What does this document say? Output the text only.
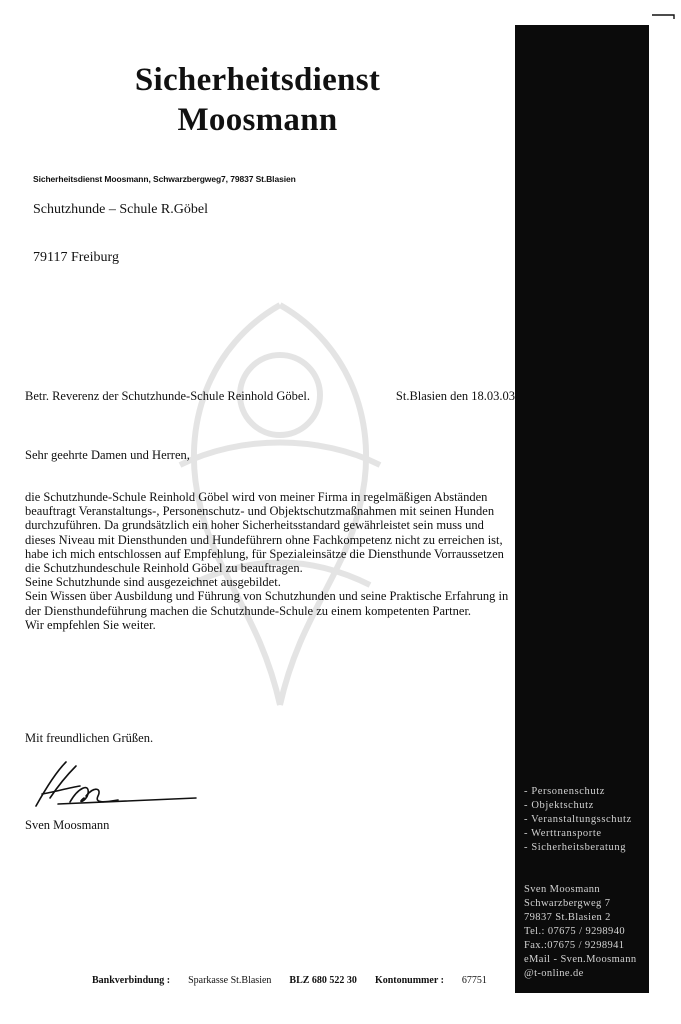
Sicherheitsdienst
Moosmann
Sicherheitsdienst Moosmann, Schwarzbergweg7, 79837 St.Blasien
Schutzhunde – Schule R.Göbel
79117 Freiburg
Betr. Reverenz der Schutzhunde-Schule Reinhold Göbel.	St.Blasien den 18.03.03
Sehr geehrte Damen und Herren,

die Schutzhunde-Schule Reinhold Göbel wird von meiner Firma in regelmäßigen Abständen beauftragt Veranstaltungs-, Personenschutz- und Objektschutzmaßnahmen mit seinen Hunden durchzuführen. Da grundsätzlich ein hoher Sicherheitsstandard gewährleistet sein muss und dieses Niveau mit Diensthunden und Hundeführern ohne Fachkompetenz nicht zu erreichen ist, habe ich mich entschlossen auf Empfehlung, für Spezialeinsätze die Diensthunde Vorraussetzen die Schutzhundeschule Reinhold Göbel zu beauftragen.

Seine Schutzhunde sind ausgezeichnet ausgebildet.

Sein Wissen über Ausbildung und Führung von Schutzhunden und seine Praktische Erfahrung in der Diensthundeführung machen die Schutzhunde-Schule zu einem kompetenten Partner.

Wir empfehlen Sie weiter.

Mit freundlichen Grüßen.
Sven Moosmann
Bankverbindung : Sparkasse St.Blasien BLZ 680 522 30 Kontonummer : 67751
- Personenschutz
- Objektschutz
- Veranstaltungsschutz
- Werttransporte
- Sicherheitsberatung
Sven Moosmann
Schwarzbergweg 7
79837 St.Blasien 2
Tel.: 07675 / 9298940
Fax.:07675 / 9298941
eMail - Sven.Moosmann
@t-online.de
